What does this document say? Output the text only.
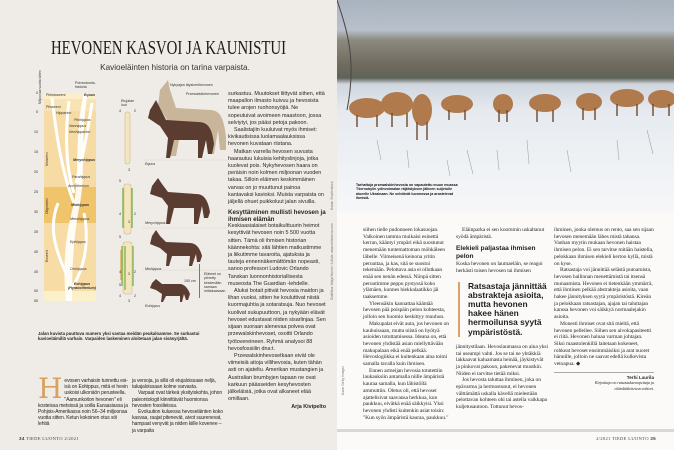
HEVONEN KASVOI JA KAUNISTUI
Kavioeläinten historia on tarina varpaista.
Miljoonaa vuotta sitten	Polveutumis-historia
Etujalan luut
0
5
10
15
20
25
30
35
40
45
50
55
Pleistoseeni
Plioseeni
Mioseeni
Oligoseeni
Eoseeni
Equus
Hipparion
Pliohippus
Nannippus
Neohipparion
Merychippus
Parahippus
Anchitherium
Miohippus
Mesohippus
Epihippus
Orohippus
Eohippus (Hyracotherium)
4
3
2
5
4
3
2
5
4 3 2
5
4
3
2
Nykyajan täysiverihevonen
Przewalskinhevonen
Equus
Merychippus
Miohippus
Eohippus
100 cm
Eläimet on piirretty keskenään samaan mittakaavaan
Jalan kuvista puuttuva numero yksi vastaa meidän peukaloamme. Se surkastui kavioeläimillä varhain. Varpaiden laskeminen aloitetaan jalan sisäsyrjältä.

surkastuu. Muutokset liittyvät siihen, että maapallon ilmasto kuivuu ja hevosista tulee arojen ruohonsyöjiä. Ne sopeutuivat avoimeen maastoon, jossa selviytyi, jos pääsi petoja pakoon.

Saalistajiin kuuluivat myös ihmiset: kivikautisissa luolamaalauksissa hevonen kuvataan riistana.

Matkan varrella hevosen suvusta haarautuu lukuisia kehityslinjoja, jotka kuolevat pois. Nykyhevosen haara on peräisin noin kolmen miljoonan vuoden takaa. Silloin eläimen keskimmäinen varvas on jo muuttunut painoa kantavaksi kavioksi. Muista varpaista on jäljellä ohuet puikkoluut jalan sivuilla.

Kesyttäminen mullisti hevosen ja ihmisen elämän

Keskiaasialaiset botaikulttuurin heimot kesyttivät hevosen noin 5 500 vuotta sitten. Tämä oli ihmisen historian käännekohta: sitä lähtien matkustimme ja liikutimme tavaroita, ajatuksia ja tauteja ennennäkemättömän nopeasti, sanoo professori Ludovic Orlando Tanskan luonnonhistoriallisesta museosta The Guardian -lehdelle.

Aluksi botait pitivät hevosia maidon ja lihan vuoksi, sitten he kouluttivat niistä kuormajuhtia ja sotaratsuja. Nuo hevoset kuolivat sukupuuttoon, ja nykyään elävät hevoset edustavat niiden sisarlinjaa. Sen sijaan suoraan alenevaa polvea ovat przewalskinhevoset, osoitti Orlando työtovereineen. Ryhmä analysoi 88 hevosfossiilin dna:t.

Przewalskinhevosetkaan eivät ole viimeisiä aitoja villihevosia, kuten tähän asti on ajateltu. Amerikan mustangien ja Australian brumbyjen tapaan ne ovat karkuun päässeiden kesyhevosten jälkeläisiä, jotka ovat alkaneet elää omillaan.

Arja Kivipelto
Grafiikka: Maija Hurme / Lähde: www.britannica.com
Kuvat: Shutterstock
H evosen varhaisin tunnettu esi-isä on Eohippus, mitä ei hevin uskoisi ulkonäön perusteella. "Aamunkoiton hevonen" eli kosteissa metsissä ja soilla Euraasiassa ja Pohjois-Amerikassa noin 56–34 miljoonaa vuotta sitten. Ketun kokoinen otus söi lehtiä

ja versoja, ja sillä oli etujaloissaan neljä, takajaloissaan kolme varvasta.

Varpaat ovat tärkeä yksityiskohta, johon paleontologit kiinnittävät huomionsa hevosten fossiileissa.

Evoluution kuluessa hevoseläinten koko kasvaa, raajat pitenevät, aivot suurenevat, hampaat venyvät ja niiden kiille kovenee – ja varpaita

34 TIEDE LUONTO 2/2021
Tarhattuja przewalskinhevosia on vapautettu muun muassa Tšernobylin ydinvoimalan räjähdyksen jälkeen suljetulle alueelle Ukrainaan. Ne selviävät luonnossa ja arastelevat ihmisiä.
Kuva: Getty Images

siihen tielle pudonneen lokasuojan. Valkoinen tamma muikaisi esinettä kerran, kääntyi ympäri eikä suostunut menemään tuntemattoman möhkäleen lähelle. Viimeisenä keinona yritin peruuttaa, ja kas, sitä se suostui tekemään. Pelottava asia ei ollutkaan enää sen nenän edessä. Niinpä sitten peruutimme peppu pystyssä koko ylämäen, kunnes hiekkalaatikko jäi taaksemme.

Yleensäkin kannattaa kääntää hevosen pää poispäin pelon kohteesta, jolloin sen huomio keskittyy muuhun.

Makupalat eivät auta, jos hevonen on kauhuissaan, mutta niistä on hyötyä asioiden totuttamisessa. Ideana on, että hevonen yhdistää asian miellyttävään makupalaan eikä enää pelkää. Hevoslogiikka ei kuitenkaan aina toimi samalla tavalla kuin ihmisen.

Ennen armeijan hevosia totutettiin laukauksiin antamalla niille ämpäristä kauraa samalla, kun lähistöllä ammuttiin. Oletus oli, että hevoset ajattelisivat saavansa herkkua, kun paukkuu, eivätkä enää säikkyisi. Yksi hevonen yhdisti kuitenkin asiat toisin: "Kun syön ämpäristä kauraa, paukkuu."

Eläinparka ei sen koommin uskaltanut syödä ämpäristä.

Elekieli paljastaa ihmisen pelon

Koska hevonen on laumaeläin, se reagoi herkästi toisen hevosen tai ihmisen

Ratsastaja jännittää abstrakteja asioita, mutta hevonen hakee hänen hermoilunsa syytä ympäristöstä.

jännitystilaan. Hevoslaumassa on aina yksi tai useampi vahti. Jos se tai ne yhtäkkiä lakkaavat kaluamasta heinää, jäykistyvät ja pinkovat pakoon, pakenevat muutkin. Niiden ei tarvitse tietää miksi.

Jos hevosta taluttaa ihminen, joka on epävarma ja hermostunut, ei hevonen välttämättä uskalla kävellä mielestään pelottavan kohteen ohi tai astella vaikkapa kuljetusautoon. Tottunut hevos-

ihminen, jonka olemus on rento, saa sen sijaan hevosen menemään lähes mistä tahansa. Vanhan myytin mukaan hevonen haistaa ihmisen pelon. Ei sen tarvitse mitään haistella, pelokkaan ihmisen elekieli kertoo kyllä, mistä on kyse.

Ratsastaja voi jännittää selästä putoamista, hevosen hallinnan menettämistä tai itsensä munaamista. Hevonen ei tietenkään ymmärrä, että ihminen pelkää abstrakteja asioita, vaan hakee jännityksen syytä ympäristöstä. Kireän ja pelokkaan ratsastajan, ajajan tai taluttajan kanssa hevonen voi säikkyä normaalejakin asioita.

Monesti ihmiset ovat sitä mieltä, että hevonen pelleilee. Siihen sen aivokapasiteetti ei riitä. Hevonen haluaa varman johtajan. Siksi maastolenkillä laitetaan kokeneet, rohkeat hevoset ensimmäisiksi ja arat nuoret hännille, jolloin ne saavat edellä kulkevista vetoapua. ◆

Terhi Laurila
Kirjoittaja on ratsastuksenopettaja ja eläinlääketieteen tohtori.
2/2021 TIEDE LUONTO 35
